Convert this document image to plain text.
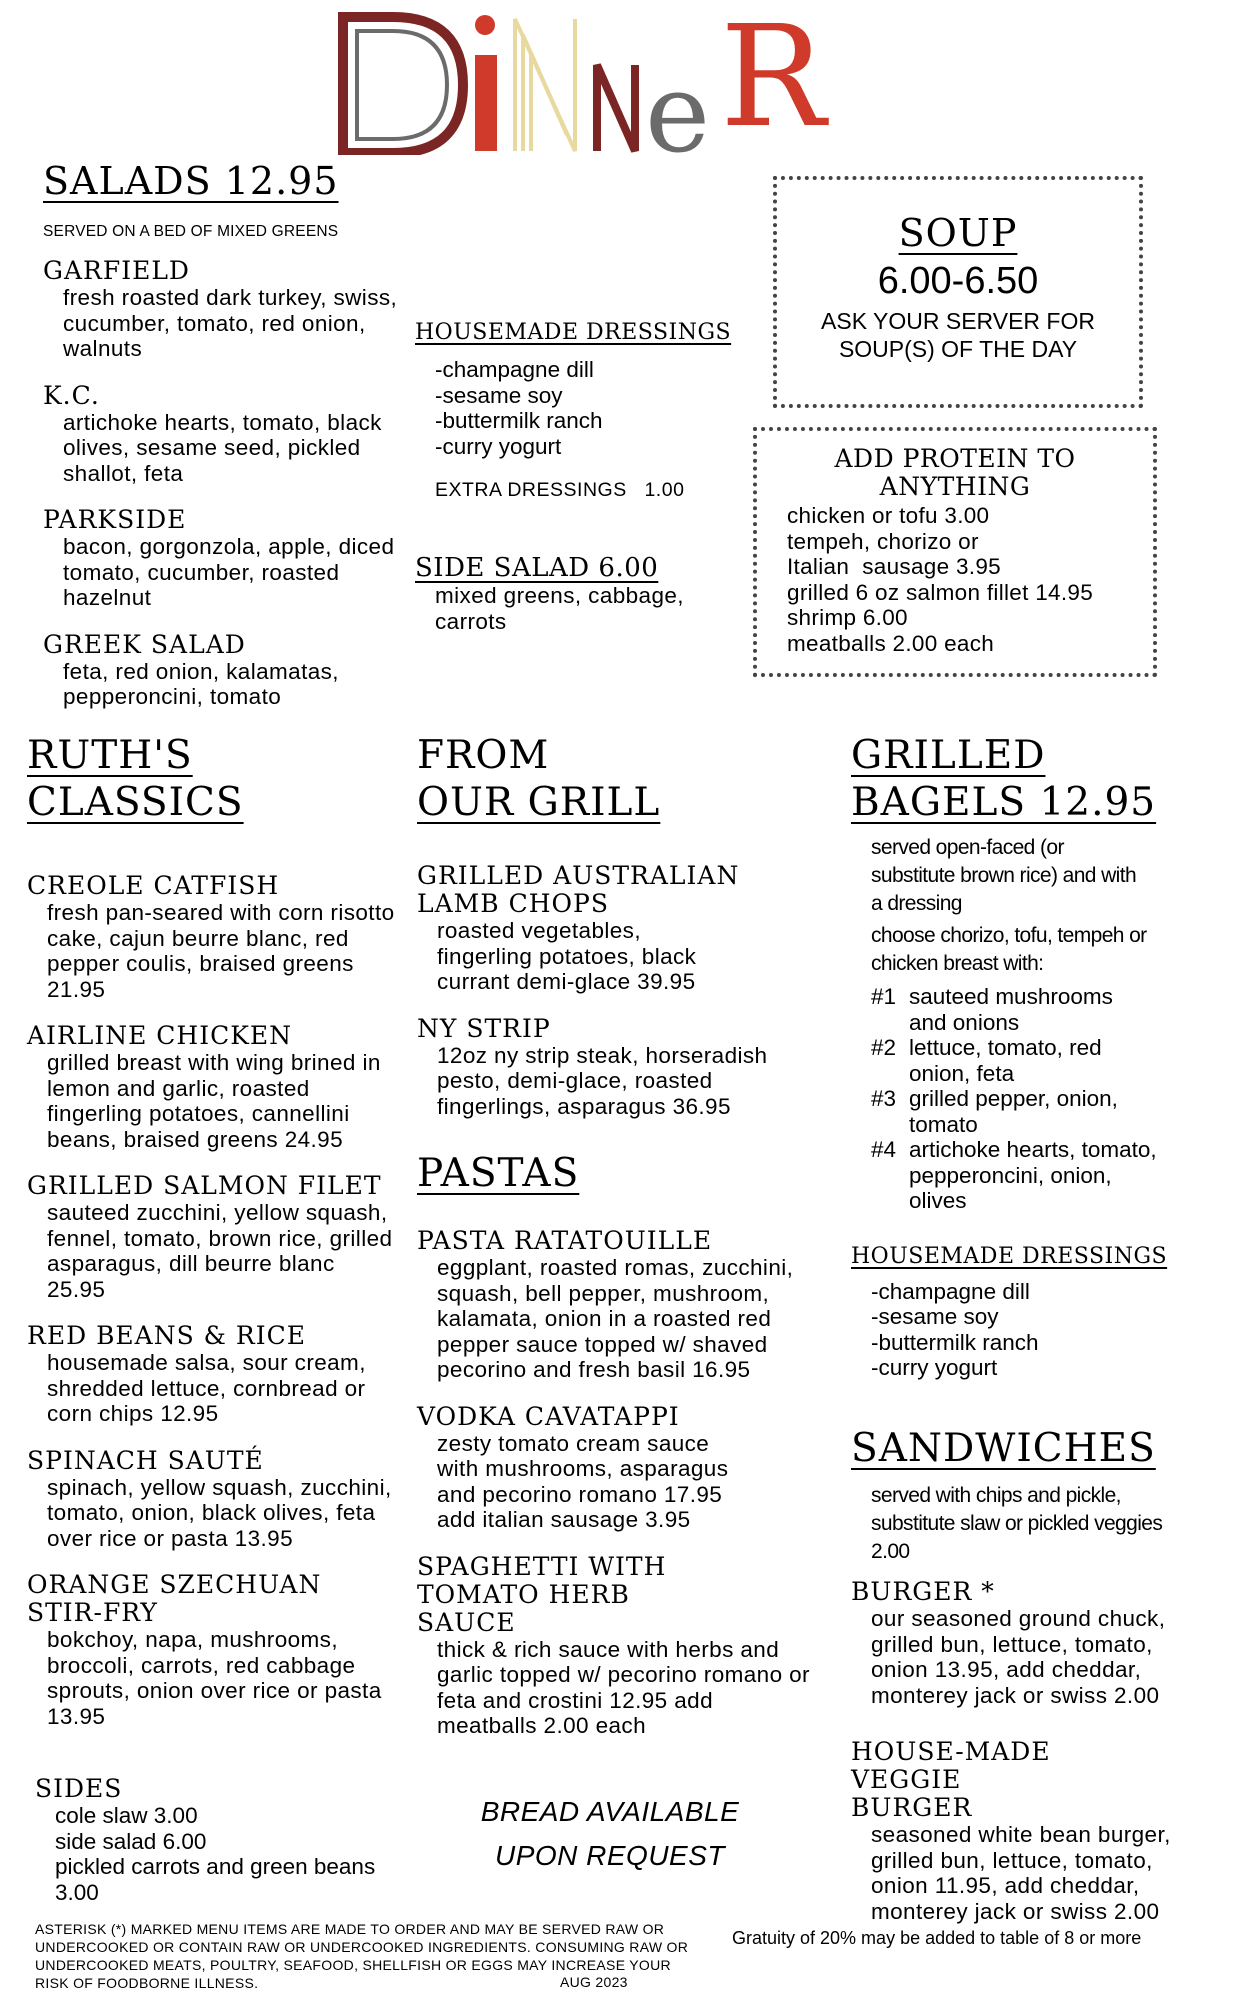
e R
SALADS 12.95
SERVED ON A BED OF MIXED GREENS
GARFIELD
fresh roasted dark turkey, swiss, cucumber, tomato, red onion, walnuts
K.C.
artichoke hearts, tomato, black olives, sesame seed, pickled shallot, feta
PARKSIDE
bacon, gorgonzola, apple, diced tomato, cucumber, roasted hazelnut
GREEK SALAD
feta, red onion, kalamatas, pepperoncini, tomato
HOUSEMADE DRESSINGS
-champagne dill
-sesame soy
-buttermilk ranch
-curry yogurt
EXTRA DRESSINGS   1.00
SIDE SALAD 6.00
mixed greens, cabbage, carrots
SOUP
6.00-6.50
ASK YOUR SERVER FOR SOUP(S) OF THE DAY
ADD PROTEIN TO ANYTHING
chicken or tofu 3.00
tempeh, chorizo or
Italian  sausage 3.95
grilled 6 oz salmon fillet 14.95
shrimp 6.00
meatballs 2.00 each
RUTH'S
CLASSICS
CREOLE CATFISH
fresh pan-seared with corn risotto cake, cajun beurre blanc, red pepper coulis, braised greens 21.95
AIRLINE CHICKEN
grilled breast with wing brined in lemon and garlic, roasted fingerling potatoes, cannellini beans, braised greens 24.95
GRILLED SALMON FILET
sauteed zucchini, yellow squash, fennel, tomato, brown rice, grilled asparagus, dill beurre blanc 25.95
RED BEANS & RICE
housemade salsa, sour cream, shredded lettuce, cornbread or corn chips 12.95
SPINACH SAUTÉ
spinach, yellow squash, zucchini, tomato, onion, black olives, feta over rice or pasta 13.95
ORANGE SZECHUAN STIR-FRY
bokchoy, napa, mushrooms, broccoli, carrots, red cabbage sprouts, onion over rice or pasta 13.95
SIDES
cole slaw 3.00
side salad 6.00
pickled carrots and green beans 3.00
FROM
OUR GRILL
GRILLED AUSTRALIAN LAMB CHOPS
roasted vegetables, fingerling potatoes, black currant demi-glace 39.95
NY STRIP
12oz ny strip steak, horseradish pesto, demi-glace, roasted fingerlings, asparagus 36.95
PASTAS
PASTA RATATOUILLE
eggplant, roasted romas, zucchini, squash, bell pepper, mushroom, kalamata, onion in a roasted red pepper sauce topped w/ shaved pecorino and fresh basil 16.95
VODKA CAVATAPPI
zesty tomato cream sauce with mushrooms, asparagus and pecorino romano 17.95 add italian sausage 3.95
SPAGHETTI WITH TOMATO HERB SAUCE
thick & rich sauce with herbs and garlic topped w/ pecorino romano or feta and crostini 12.95 add meatballs 2.00 each
BREAD AVAILABLE
UPON REQUEST
GRILLED
BAGELS 12.95
served open-faced (or substitute brown rice) and with a dressing
choose chorizo, tofu, tempeh or chicken breast with:
#1 sauteed mushrooms and onions
#2 lettuce, tomato, red onion, feta
#3 grilled pepper, onion, tomato
#4 artichoke hearts, tomato, pepperoncini, onion, olives
HOUSEMADE DRESSINGS
-champagne dill
-sesame soy
-buttermilk ranch
-curry yogurt
SANDWICHES
served with chips and pickle, substitute slaw or pickled veggies 2.00
BURGER *
our seasoned ground chuck, grilled bun, lettuce, tomato, onion 13.95, add cheddar, monterey jack or swiss 2.00
HOUSE-MADE VEGGIE BURGER
seasoned white bean burger, grilled bun, lettuce, tomato, onion 11.95, add cheddar, monterey jack or swiss 2.00
ASTERISK (*) MARKED MENU ITEMS ARE MADE TO ORDER AND MAY BE SERVED RAW OR UNDERCOOKED OR CONTAIN RAW OR UNDERCOOKED INGREDIENTS. CONSUMING RAW OR UNDERCOOKED MEATS, POULTRY, SEAFOOD, SHELLFISH OR EGGS MAY INCREASE YOUR RISK OF FOODBORNE ILLNESS.	AUG 2023
Gratuity of 20% may be added to table of 8 or more
